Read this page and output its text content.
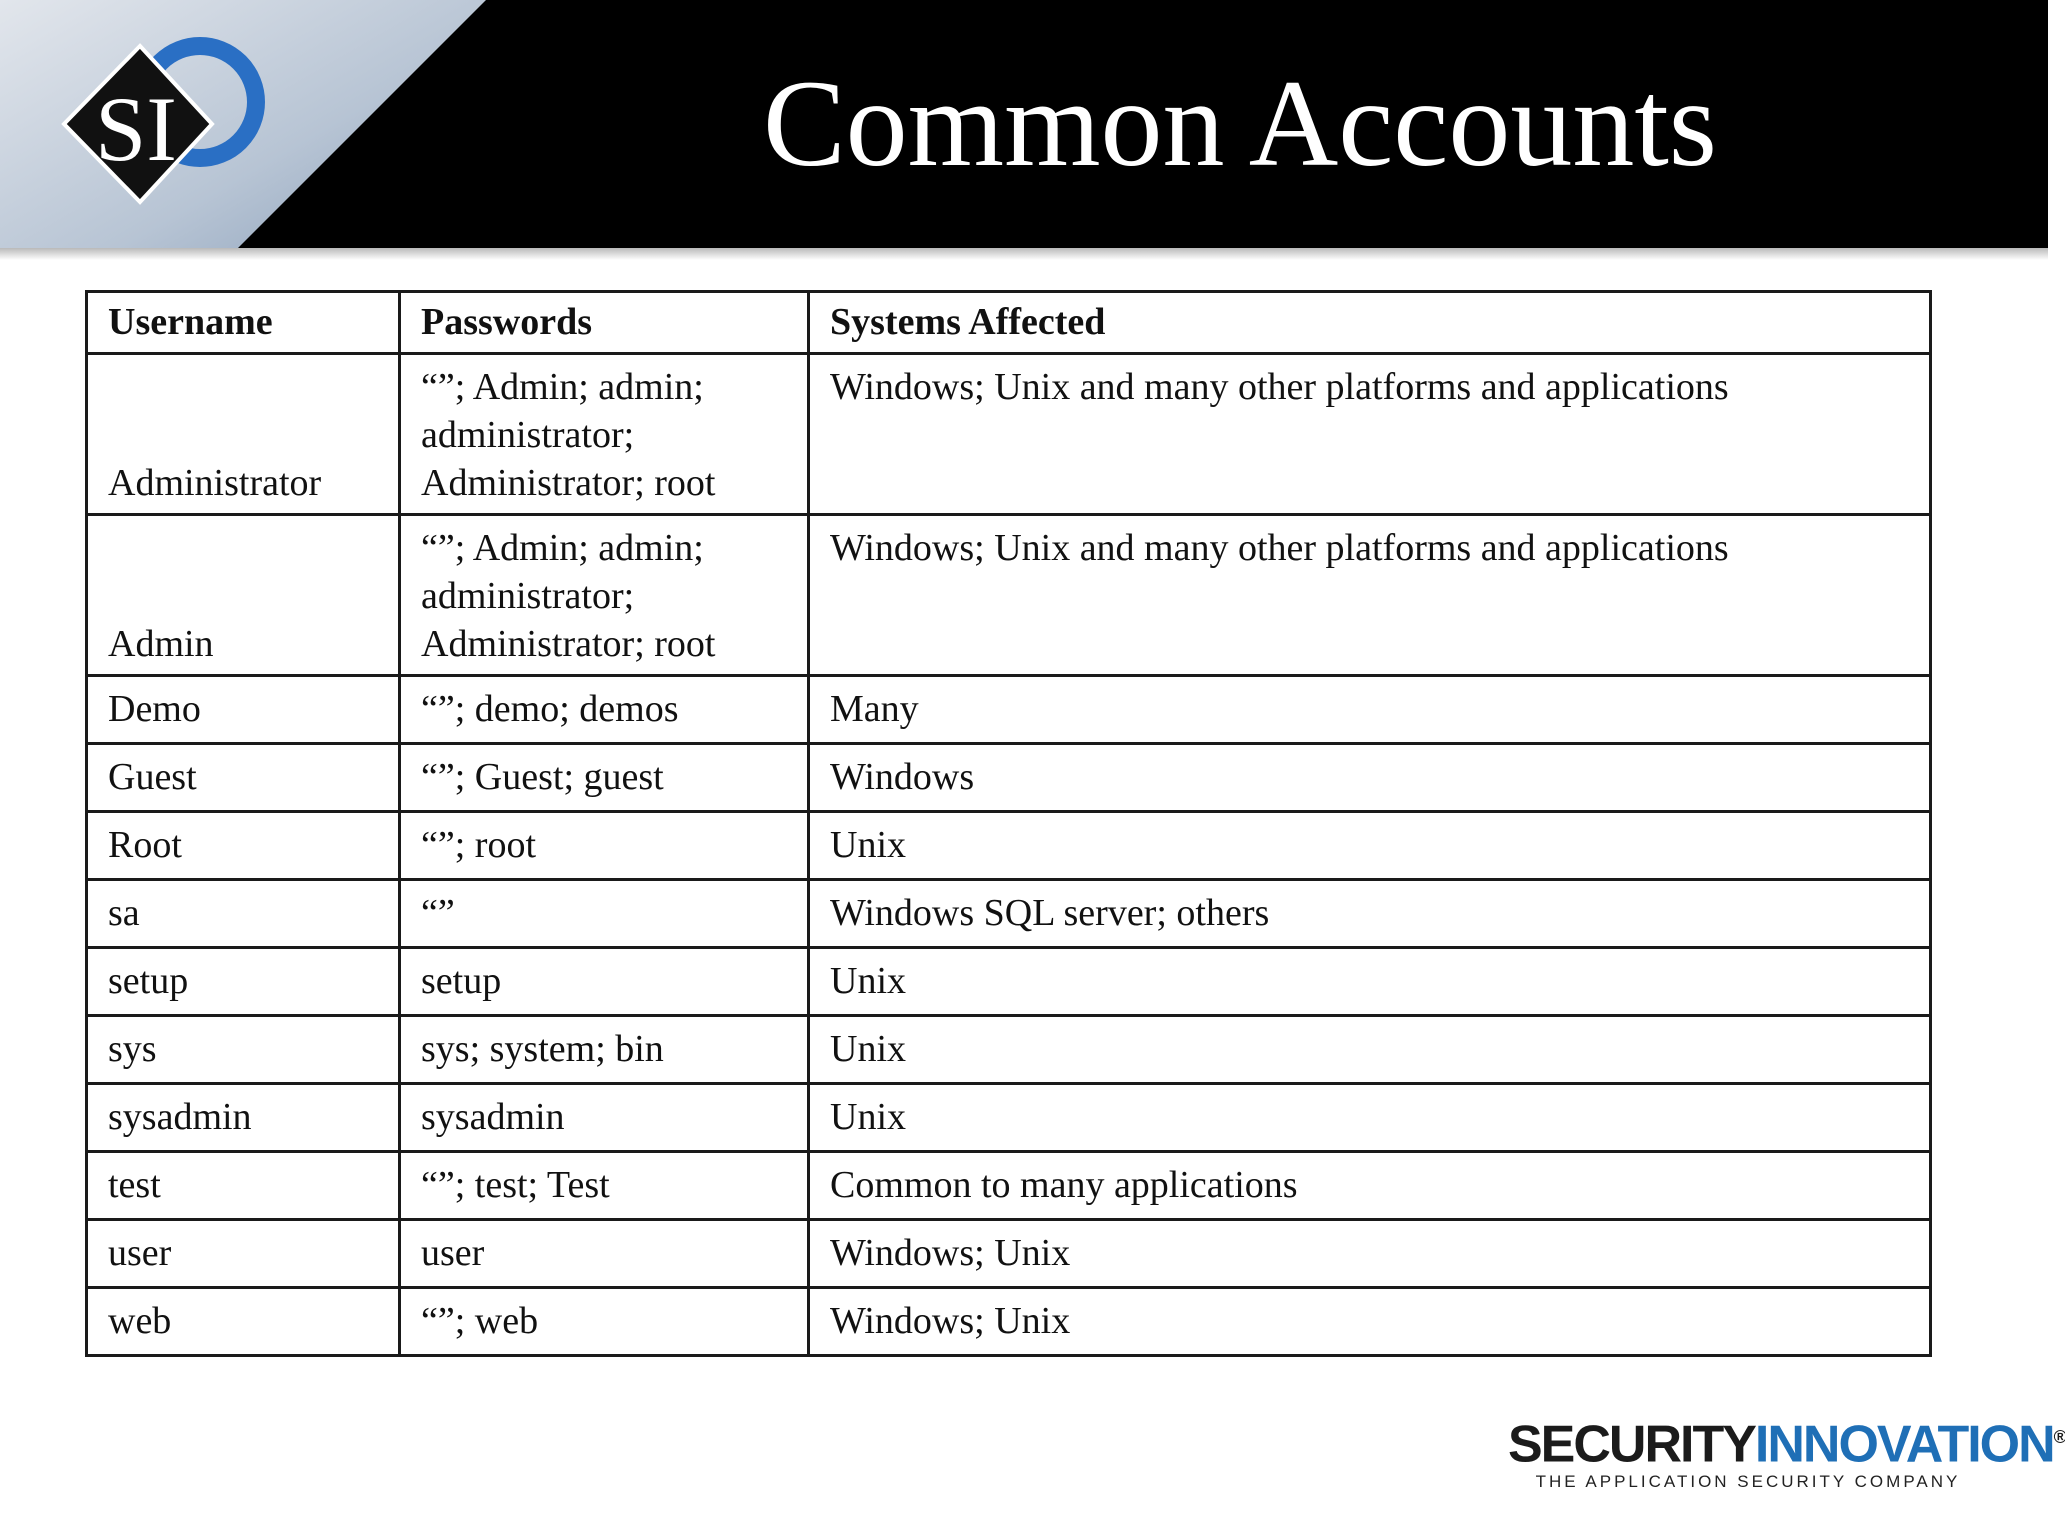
SI	Common Accounts
Username	Passwords	Systems Affected
Administrator	“”; Admin; admin; administrator; Administrator; root	Windows; Unix and many other platforms and applications
Admin	“”; Admin; admin; administrator; Administrator; root	Windows; Unix and many other platforms and applications
Demo	“”; demo; demos	Many
Guest	“”; Guest; guest	Windows
Root	“”; root	Unix
sa	“”	Windows SQL server; others
setup	setup	Unix
sys	sys; system; bin	Unix
sysadmin	sysadmin	Unix
test	“”; test; Test	Common to many applications
user	user	Windows; Unix
web	“”; web	Windows; Unix
SECURITYINNOVATION®
THE APPLICATION SECURITY COMPANY
